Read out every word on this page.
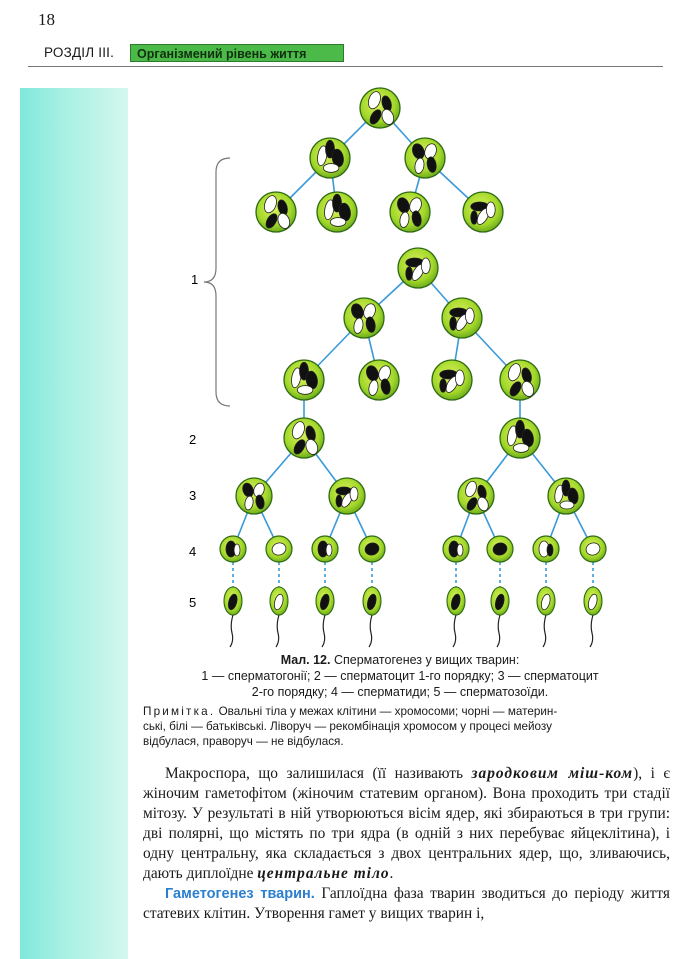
18
РОЗДІЛ III.	Організмений рівень життя
1
2
3
4
5
Мал. 12. Сперматогенез у вищих тварин:
1 — сперматогонії; 2 — сперматоцит 1-го порядку; 3 — сперматоцит
2-го порядку; 4 — сперматиди; 5 — сперматозоїди.
Примітка. Овальні тіла у межах клітини — хромосоми; чорні — материн-
ські, білі — батьківські. Ліворуч — рекомбінація хромосом у процесі мейозу
відбулася, праворуч — не відбулася.

Макроспора, що залишилася (її називають зародковим міш-ком), і є жіночим гаметофітом (жіночим статевим органом). Вона проходить три стадії мітозу. У результаті в ній утворюються вісім ядер, які збираються в три групи: дві полярні, що містять по три ядра (в одній з них перебуває яйцеклітина), і одну центральну, яка складається з двох центральних ядер, що, зливаючись, дають диплоїдне центральне тіло.

Гаметогенез тварин. Гаплоїдна фаза тварин зводиться до періоду життя статевих клітин. Утворення гамет у вищих тварин і,
